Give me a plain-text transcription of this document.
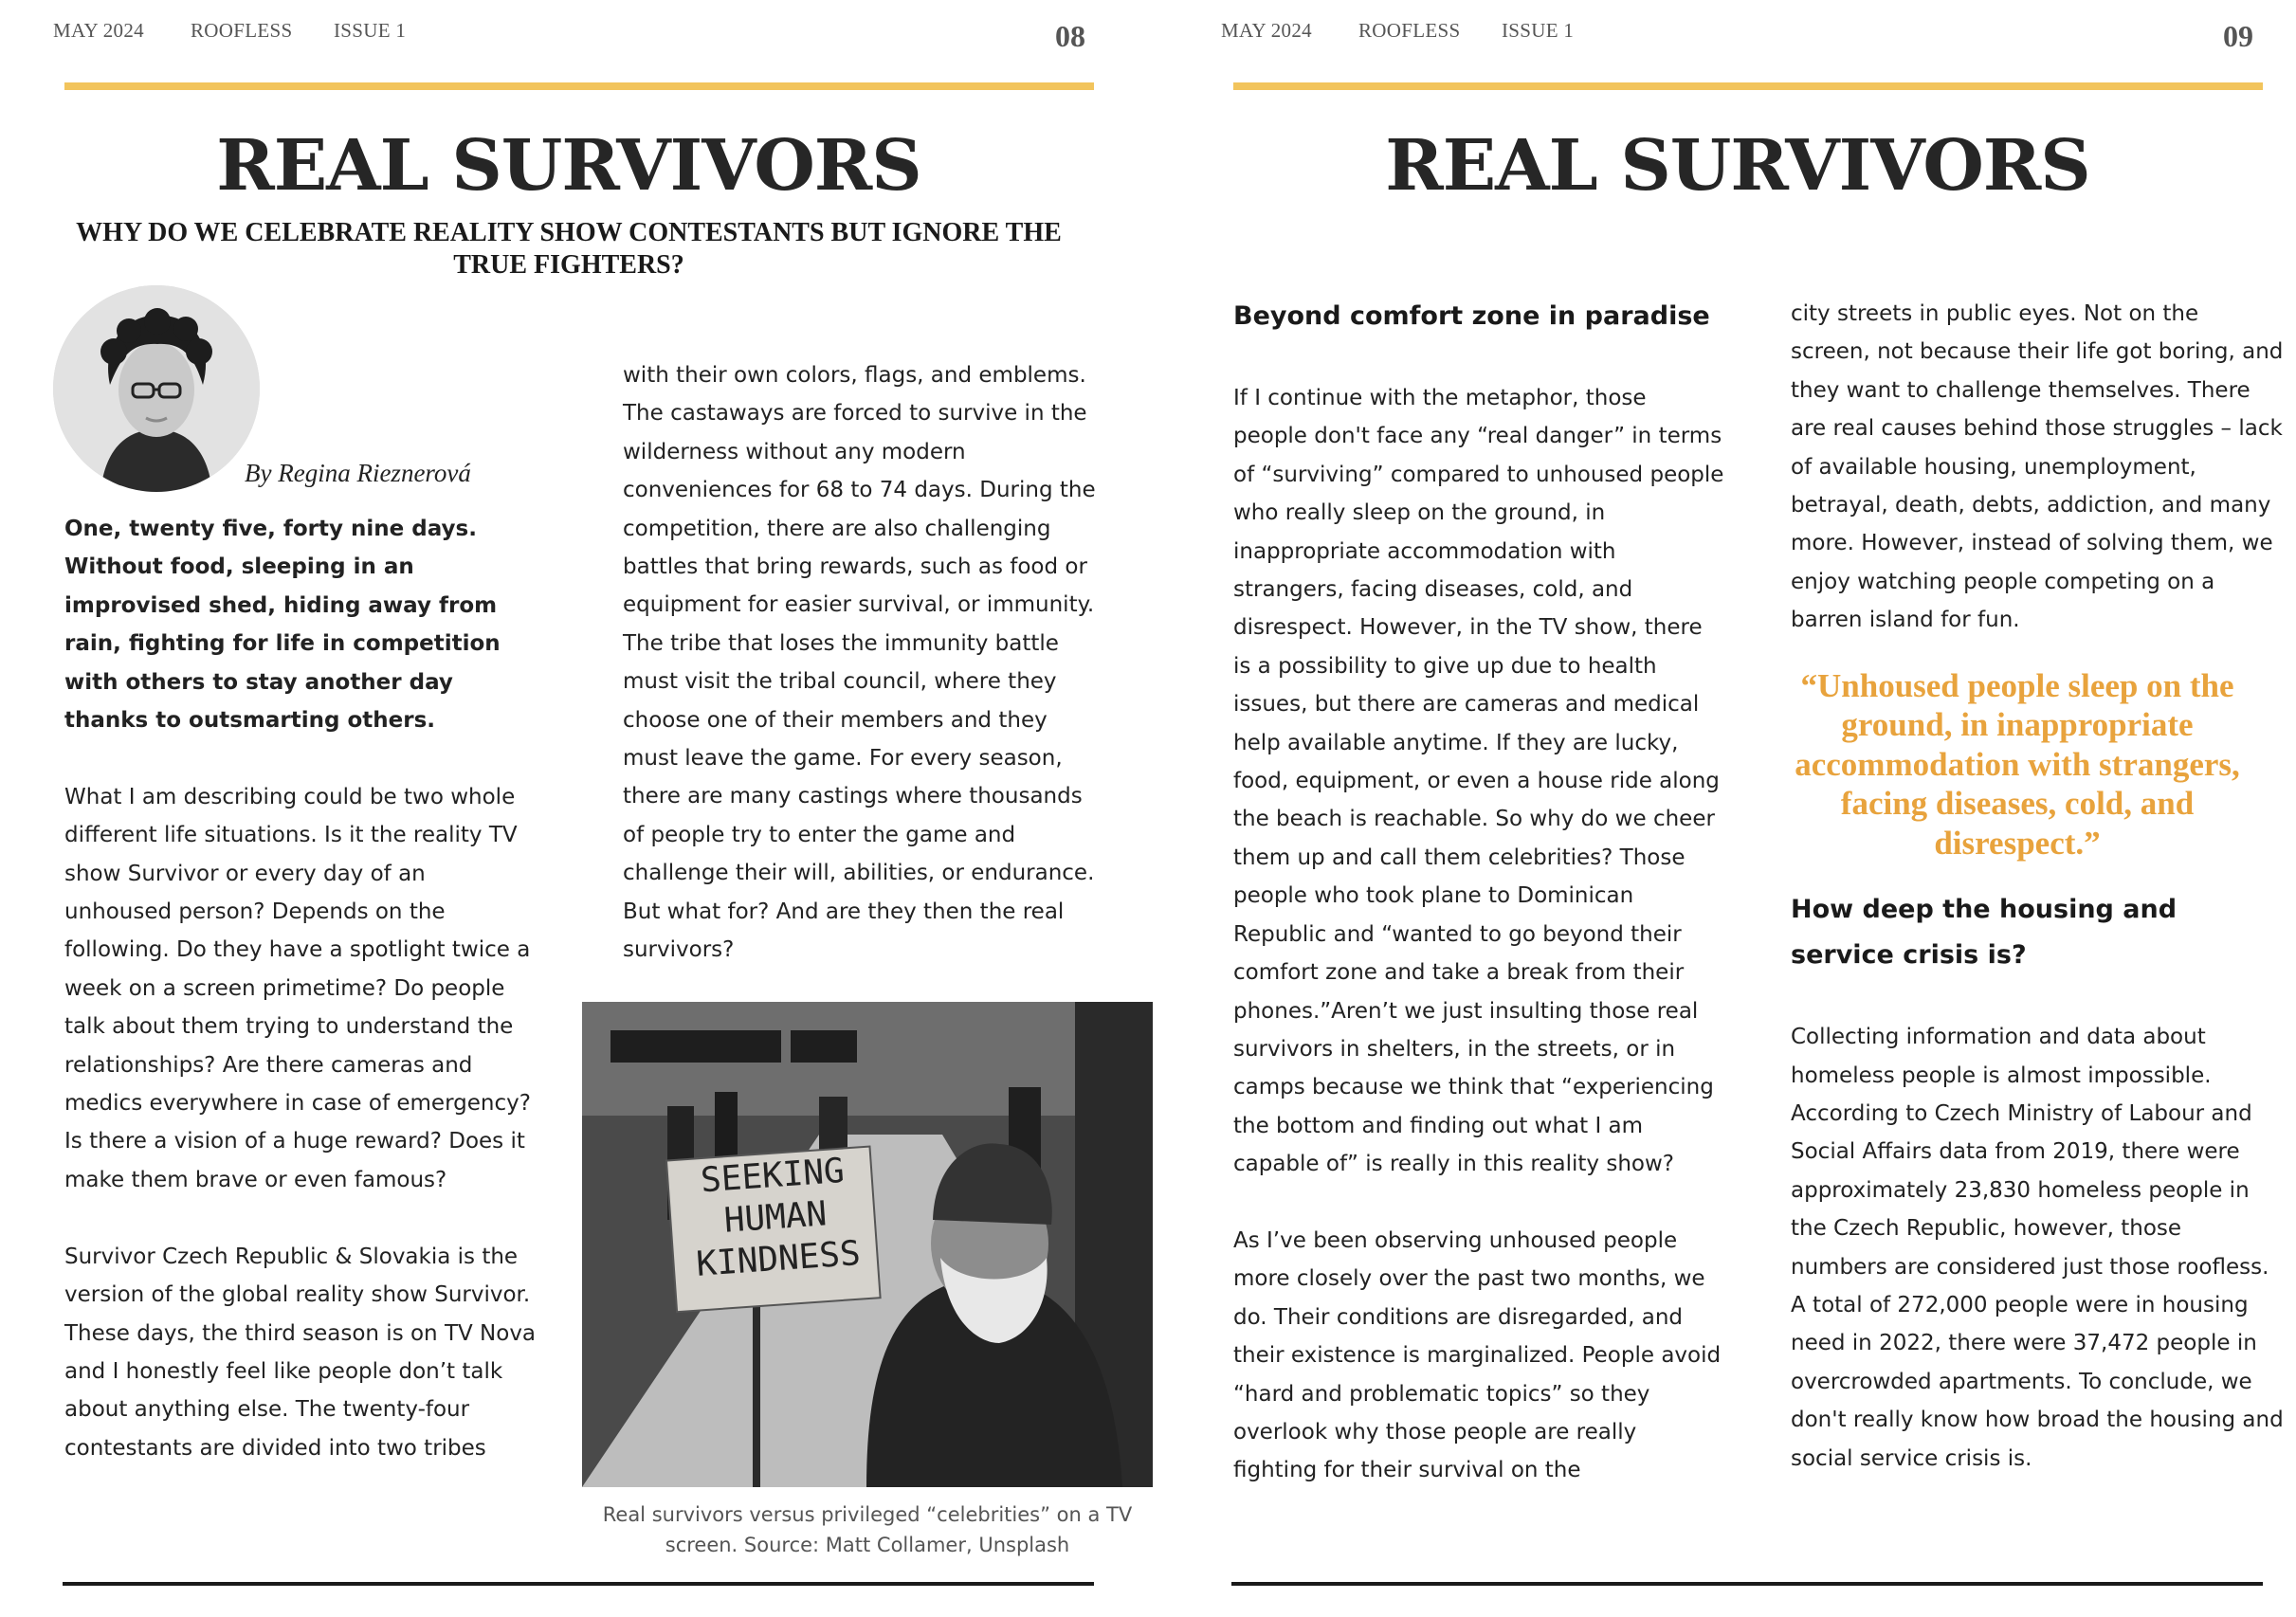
MAY 2024 ROOFLESS ISSUE 1	08
REAL SURVIVORS
WHY DO WE CELEBRATE REALITY SHOW CONTESTANTS BUT IGNORE THE TRUE FIGHTERS?
By Regina Rieznerová

One, twenty five, forty nine days. Without food, sleeping in an improvised shed, hiding away from rain, fighting for life in competition with others to stay another day thanks to outsmarting others.

What I am describing could be two whole different life situations. Is it the reality TV show Survivor or every day of an unhoused person? Depends on the following. Do they have a spotlight twice a week on a screen primetime? Do people talk about them trying to understand the relationships? Are there cameras and medics everywhere in case of emergency? Is there a vision of a huge reward? Does it make them brave or even famous?

Survivor Czech Republic & Slovakia is the version of the global reality show Survivor. These days, the third season is on TV Nova and I honestly feel like people don’t talk about anything else. The twenty-four contestants are divided into two tribes

with their own colors, flags, and emblems. The castaways are forced to survive in the wilderness without any modern conveniences for 68 to 74 days. During the competition, there are also challenging battles that bring rewards, such as food or equipment for easier survival, or immunity. The tribe that loses the immunity battle must visit the tribal council, where they choose one of their members and they must leave the game. For every season, there are many castings where thousands of people try to enter the game and challenge their will, abilities, or endurance. But what for? And are they then the real survivors?

SEEKING
HUMAN
KINDNESS
Real survivors versus privileged “celebrities” on a TV screen. Source: Matt Collamer, Unsplash
MAY 2024 ROOFLESS ISSUE 1	09
REAL SURVIVORS
Beyond comfort zone in paradise

If I continue with the metaphor, those people don't face any “real danger” in terms of “surviving” compared to unhoused people who really sleep on the ground, in inappropriate accommodation with strangers, facing diseases, cold, and disrespect. However, in the TV show, there is a possibility to give up due to health issues, but there are cameras and medical help available anytime. If they are lucky, food, equipment, or even a house ride along the beach is reachable. So why do we cheer them up and call them celebrities? Those people who took plane to Dominican Republic and “wanted to go beyond their comfort zone and take a break from their phones.”Aren’t we just insulting those real survivors in shelters, in the streets, or in camps because we think that “experiencing the bottom and finding out what I am capable of” is really in this reality show?

As I’ve been observing unhoused people more closely over the past two months, we do. Their conditions are disregarded, and their existence is marginalized. People avoid “hard and problematic topics” so they overlook why those people are really fighting for their survival on the

city streets in public eyes. Not on the screen, not because their life got boring, and they want to challenge themselves. There are real causes behind those struggles – lack of available housing, unemployment, betrayal, death, debts, addiction, and many more. However, instead of solving them, we enjoy watching people competing on a barren island for fun.

“Unhoused people sleep on the ground, in inappropriate accommodation with strangers, facing diseases, cold, and disrespect.”
How deep the housing and service crisis is?

Collecting information and data about homeless people is almost impossible. According to Czech Ministry of Labour and Social Affairs data from 2019, there were approximately 23,830 homeless people in the Czech Republic, however, those numbers are considered just those roofless. A total of 272,000 people were in housing need in 2022, there were 37,472 people in overcrowded apartments. To conclude, we don't really know how broad the housing and social service crisis is.
